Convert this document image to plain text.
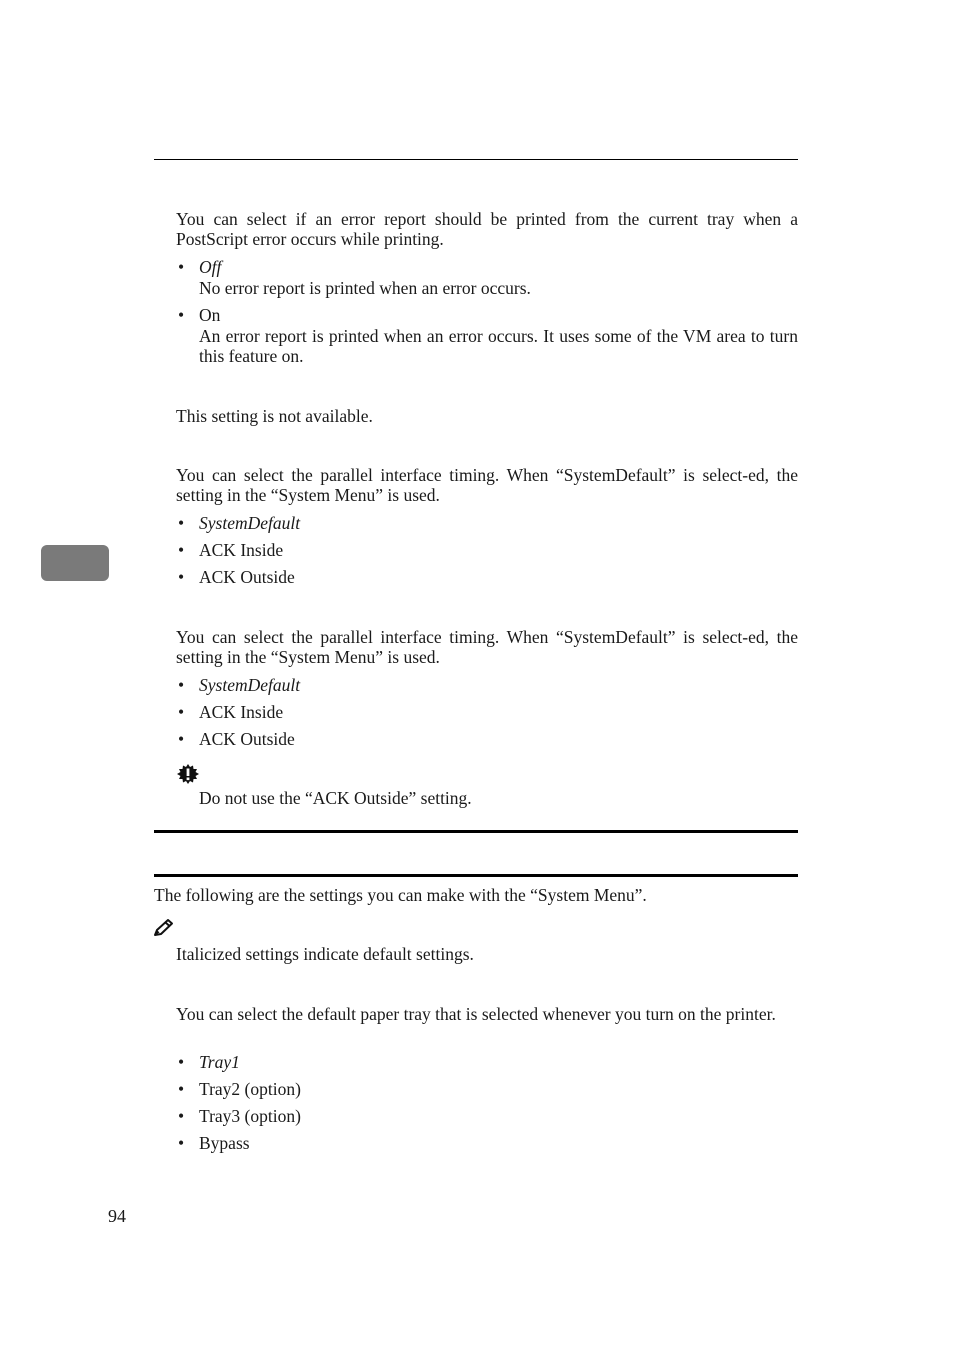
You can select if an error report should be printed from the current tray when a PostScript error occurs while printing.
• Off
No error report is printed when an error occurs.
• On
An error report is printed when an error occurs. It uses some of the VM area to turn this feature on.
This setting is not available.
You can select the parallel interface timing. When “SystemDefault” is select-ed, the setting in the “System Menu” is used.
• SystemDefault
• ACK Inside
• ACK Outside
You can select the parallel interface timing. When “SystemDefault” is select-ed, the setting in the “System Menu” is used.
• SystemDefault
• ACK Inside
• ACK Outside
Do not use the “ACK Outside” setting.
The following are the settings you can make with the “System Menu”.
Italicized settings indicate default settings.
You can select the default paper tray that is selected whenever you turn on the printer.
• Tray1
• Tray2 (option)
• Tray3 (option)
• Bypass
94
